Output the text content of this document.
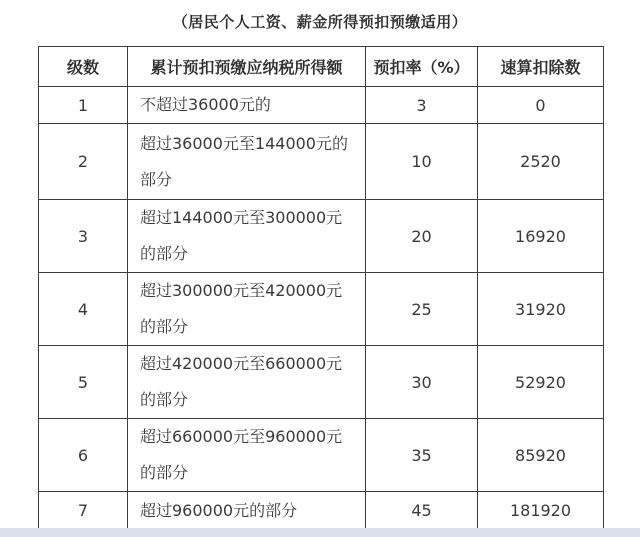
（居民个人工资、薪金所得预扣预缴适用）
级数	累计预扣预缴应纳税所得额	预扣率（%）	速算扣除数
1	不超过36000元的	3	0
2	超过36000元至144000元的部分	10	2520
3	超过144000元至300000元的部分	20	16920
4	超过300000元至420000元的部分	25	31920
5	超过420000元至660000元的部分	30	52920
6	超过660000元至960000元的部分	35	85920
7	超过960000元的部分	45	181920
